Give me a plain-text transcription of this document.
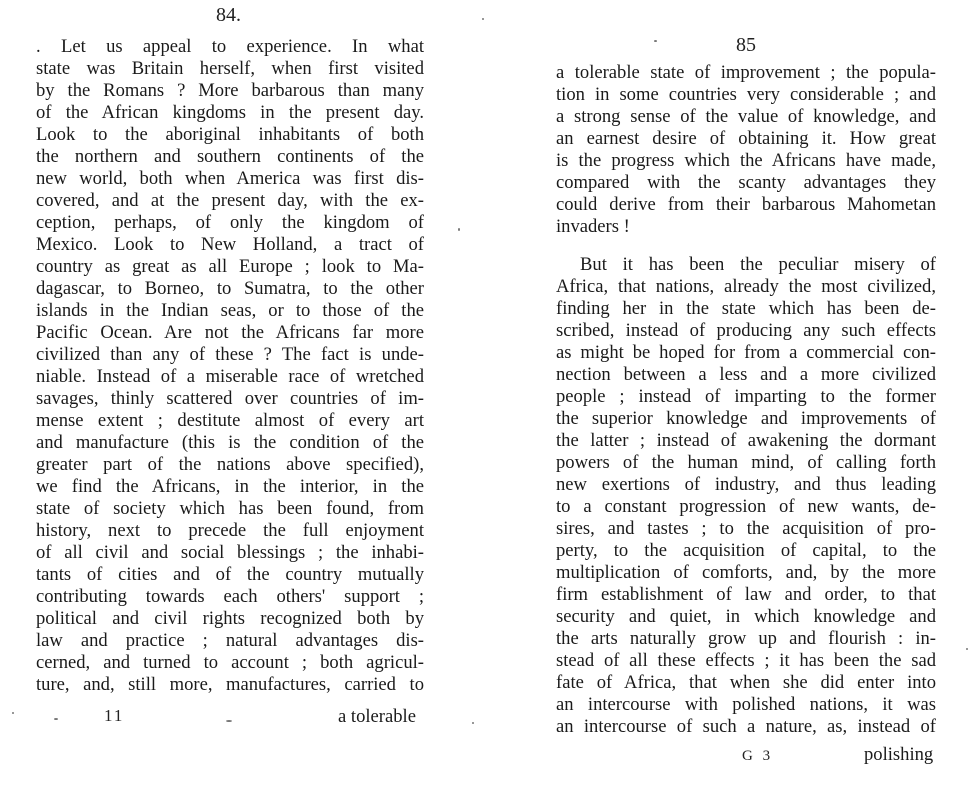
84.
. Let us appeal to experience. In what
state was Britain herself, when first visited
by the Romans ? More barbarous than many
of the African kingdoms in the present day.
Look to the aboriginal inhabitants of both
the northern and southern continents of the
new world, both when America was first dis-
covered, and at the present day, with the ex-
ception, perhaps, of only the kingdom of
Mexico. Look to New Holland, a tract of
country as great as all Europe ; look to Ma-
dagascar, to Borneo, to Sumatra, to the other
islands in the Indian seas, or to those of the
Pacific Ocean. Are not the Africans far more
civilized than any of these ? The fact is unde-
niable. Instead of a miserable race of wretched
savages, thinly scattered over countries of im-
mense extent ; destitute almost of every art
and manufacture (this is the condition of the
greater part of the nations above specified),
we find the Africans, in the interior, in the
state of society which has been found, from
history, next to precede the full enjoyment
of all civil and social blessings ; the inhabi-
tants of cities and of the country mutually
contributing towards each others' support ;
political and civil rights recognized both by
law and practice ; natural advantages dis-
cerned, and turned to account ; both agricul-
ture, and, still more, manufactures, carried to
11	a tolerable
85
a tolerable state of improvement ; the popula-
tion in some countries very considerable ; and
a strong sense of the value of knowledge, and
an earnest desire of obtaining it. How great
is the progress which the Africans have made,
compared with the scanty advantages they
could derive from their barbarous Mahometan
invaders !
But it has been the peculiar misery of
Africa, that nations, already the most civilized,
finding her in the state which has been de-
scribed, instead of producing any such effects
as might be hoped for from a commercial con-
nection between a less and a more civilized
people ; instead of imparting to the former
the superior knowledge and improvements of
the latter ; instead of awakening the dormant
powers of the human mind, of calling forth
new exertions of industry, and thus leading
to a constant progression of new wants, de-
sires, and tastes ; to the acquisition of pro-
perty, to the acquisition of capital, to the
multiplication of comforts, and, by the more
firm establishment of law and order, to that
security and quiet, in which knowledge and
the arts naturally grow up and flourish : in-
stead of all these effects ; it has been the sad
fate of Africa, that when she did enter into
an intercourse with polished nations, it was
an intercourse of such a nature, as, instead of
G 3	polishing
